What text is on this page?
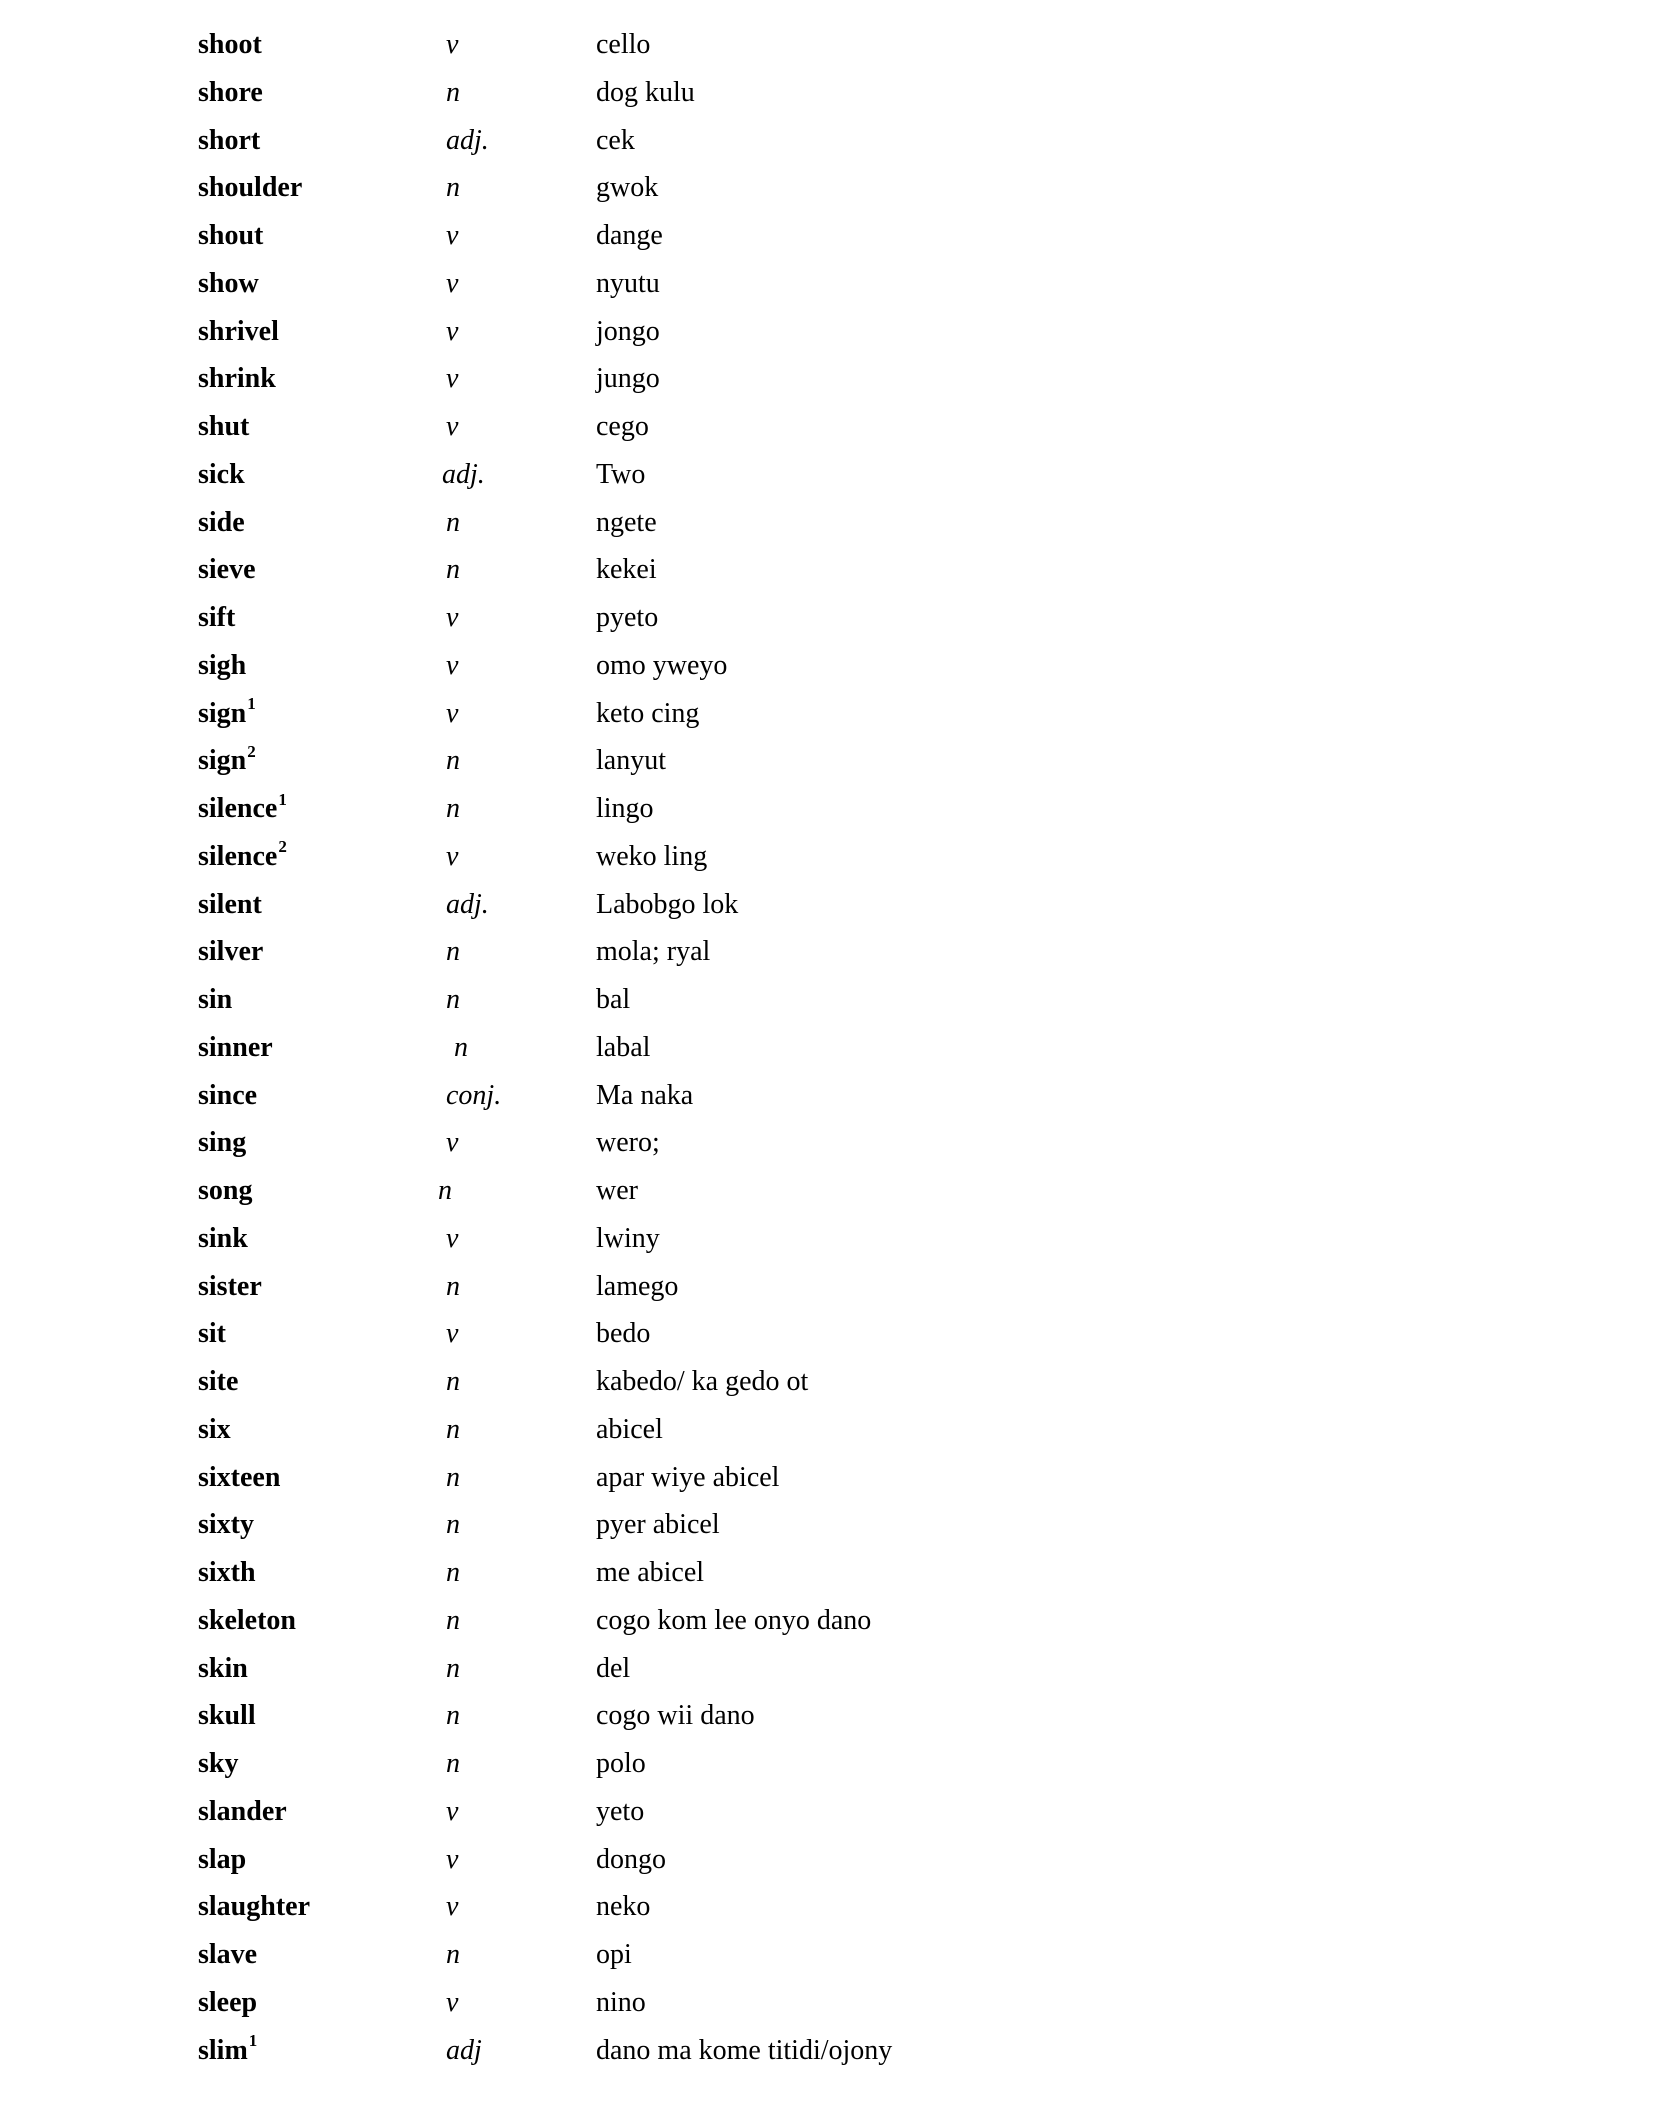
shoot	v	cello
shore	n	dog kulu
short	adj.	cek
shoulder	n	gwok
shout	v	dange
show	v	nyutu
shrivel	v	jongo
shrink	v	jungo
shut	v	cego
sick	adj.	Two
side	n	ngete
sieve	n	kekei
sift	v	pyeto
sigh	v	omo yweyo
sign$^1$	v	keto cing
sign$^2$	n	lanyut
silence$^1$	n	lingo
silence$^2$	v	weko ling
silent	adj.	Labobgo lok
silver	n	mola; ryal
sin	n	bal
sinner	n	labal
since	conj.	Ma naka
sing	v	wero;
song	n	wer
sink	v	lwiny
sister	n	lamego
sit	v	bedo
site	n	kabedo/ ka gedo ot
six	n	abicel
sixteen	n	apar wiye abicel
sixty	n	pyer abicel
sixth	n	me abicel
skeleton	n	cogo kom lee onyo dano
skin	n	del
skull	n	cogo wii dano
sky	n	polo
slander	v	yeto
slap	v	dongo
slaughter	v	neko
slave	n	opi
sleep	v	nino
slim$^1$	adj	dano ma kome titidi/ojony
